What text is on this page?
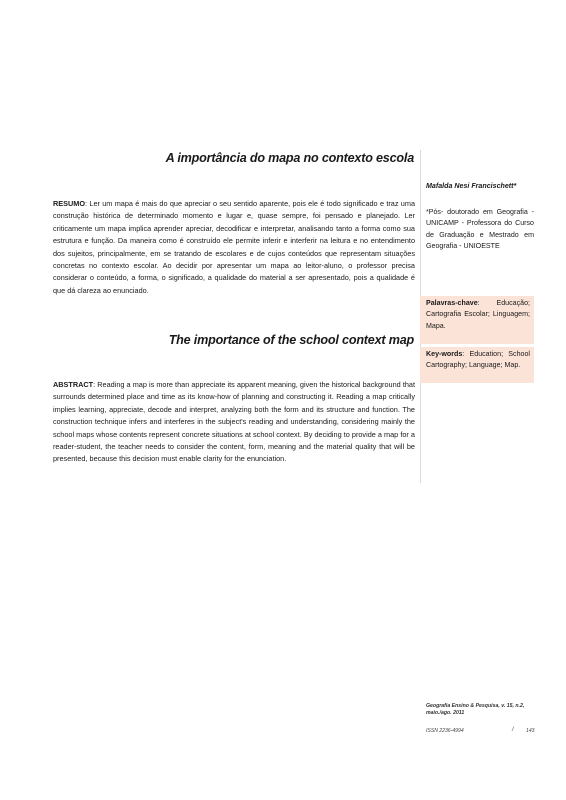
A importância do mapa no contexto escola

RESUMO: Ler um mapa é mais do que apreciar o seu sentido aparente, pois ele é todo significado e traz uma construção histórica de determinado momento e lugar e, quase sempre, foi pensado e planejado. Ler criticamente um mapa implica aprender apreciar, decodificar e interpretar, analisando tanto a forma como sua estrutura e função. Da maneira como é construído ele permite inferir e interferir na leitura e no entendimento dos sujeitos, principalmente, em se tratando de escolares e de cujos conteúdos que representam situações concretas no contexto escolar. Ao decidir por apresentar um mapa ao leitor-aluno, o professor precisa considerar o conteúdo, a forma, o significado, a qualidade do material a ser apresentado, pois a qualidade é que dá clareza ao enunciado.

The importance of the school context map

ABSTRACT: Reading a map is more than appreciate its apparent meaning, given the historical background that surrounds determined place and time as its know-how of planning and constructing it. Reading a map critically implies learning, appreciate, decode and interpret, analyzing both the form and its structure and function. The construction technique infers and interferes in the subject's reading and understanding, considering mainly the school maps whose contents represent concrete situations at school context. By deciding to provide a map for a reader-student, the teacher needs to consider the content, form, meaning and the material quality that will be presented, because this decision must enable clarity for the enunciation.

Mafalda Nesi Francischett*
*Pós- doutorado em Geografia - UNICAMP - Professora do Curso de Graduação e Mestrado em Geografia - UNIOESTE
Palavras-chave: Educação; Cartografia Escolar; Linguagem; Mapa.
Key-words: Education; School Cartography; Language; Map.
Geografia Ensino & Pesquisa, v. 15, n.2, maio./ago. 2011
ISSN 2236-4994	/ 143
